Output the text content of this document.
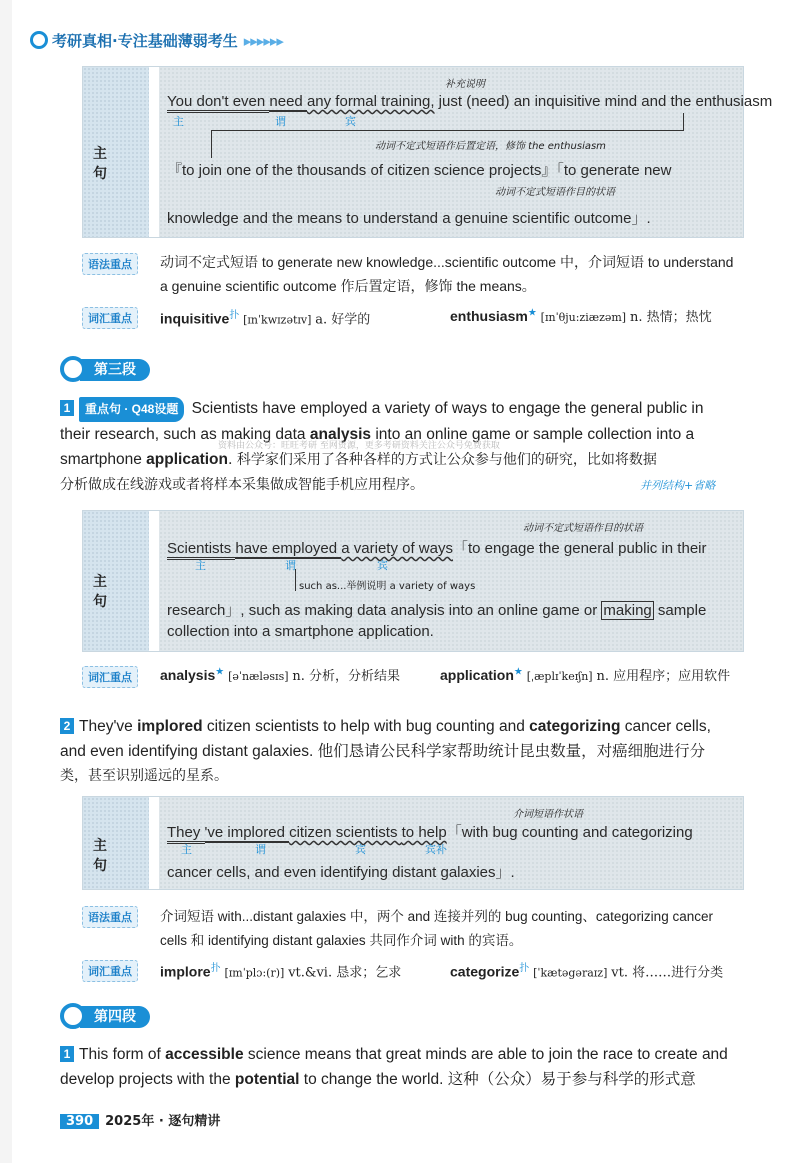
考研真相·专注基础薄弱考生 ▸▸▸▸▸▸
主 句
补充说明
You don't even need any formal training, just (need) an inquisitive mind and the enthusiasm
主	谓	宾
动词不定式短语作后置定语，修饰 the enthusiasm
『to join one of the thousands of citizen science projects』「to generate new
动词不定式短语作目的状语
knowledge and the means to understand a genuine scientific outcome」.
语法重点	动词不定式短语 to generate new knowledge...scientific outcome 中，介词短语 to understand
a genuine scientific outcome 作后置定语，修饰 the means。
词汇重点	inquisitive$^扑$ [ɪnˈkwɪzətɪv] a. 好学的	enthusiasm★ [ɪnˈθju:ziæzəm] n. 热情；热忱
第三段
1 重点句 · Q48设题 Scientists have employed a variety of ways to engage the general public in
their research, such as making data analysis into an online game or sample collection into a
smartphone application. 科学家们采用了各种各样的方式让公众参与他们的研究，比如将数据
分析做成在线游戏或者将样本采集做成智能手机应用程序。	并列结构+省略
资料由公众号：旺旺考研 至网资源，更多考研资料关注公众号免费获取
主 句
动词不定式短语作目的状语
Scientists have employed a variety of ways「to engage the general public in their
主	谓	宾
such as...举例说明 a variety of ways
research」, such as making data analysis into an online game or making sample
collection into a smartphone application.
词汇重点	analysis★ [əˈnæləsɪs] n. 分析，分析结果	application★ [ˌæplɪˈkeɪʃn] n. 应用程序；应用软件
2 They've implored citizen scientists to help with bug counting and categorizing cancer cells,
and even identifying distant galaxies. 他们恳请公民科学家帮助统计昆虫数量，对癌细胞进行分
类，甚至识别遥远的星系。
主 句
介词短语作状语
They 've implored citizen scientists to help「with bug counting and categorizing
主	谓	宾	宾补
cancer cells, and even identifying distant galaxies」.
语法重点	介词短语 with...distant galaxies 中，两个 and 连接并列的 bug counting、categorizing cancer
cells 和 identifying distant galaxies 共同作介词 with 的宾语。
词汇重点	implore$^扑$ [ɪmˈplɔ:(r)] vt.&vi. 恳求；乞求	categorize$^扑$ [ˈkætəgəraɪz] vt. 将……进行分类
第四段
1 This form of accessible science means that great minds are able to join the race to create and
develop projects with the potential to change the world. 这种（公众）易于参与科学的形式意
390 2025年 · 逐句精讲
